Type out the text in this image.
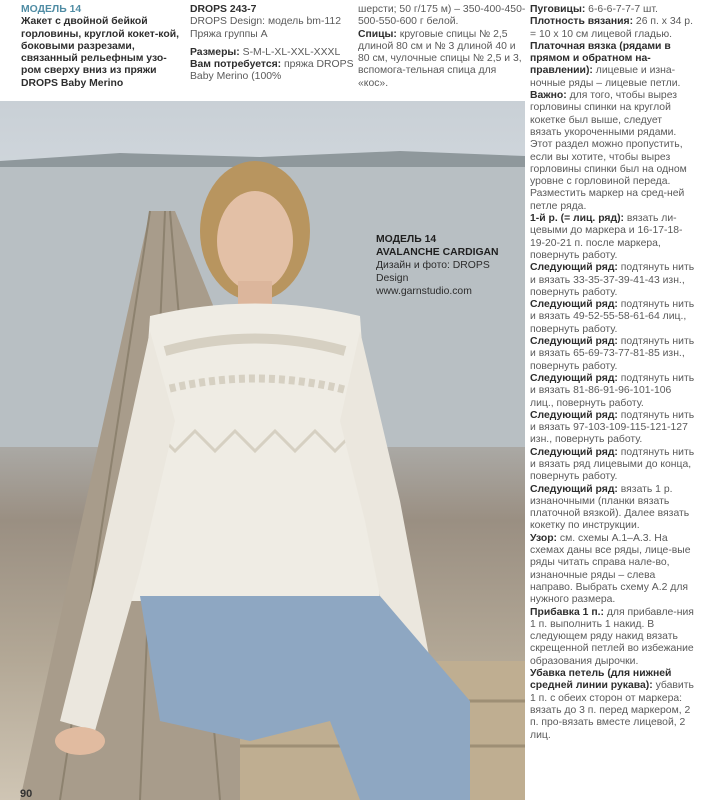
МОДЕЛЬ 14
Жакет с двойной бейкой горловины, круглой кокет-кой, боковыми разрезами, связанный рельефным узо-ром сверху вниз из пряжи DROPS Baby Merino
DROPS 243-7
DROPS Design: модель bm-112
Пряжа группы А
Размеры: S-M-L-XL-XXL-XXXL
Вам потребуется: пряжа DROPS Baby Merino (100%
шерсти; 50 г/175 м) – 350-400-450-500-550-600 г белой.
Спицы: круговые спицы № 2,5 длиной 80 см и № 3 длиной 40 и 80 см, чулочные спицы № 2,5 и 3, вспомога-тельная спица для «кос».
Пуговицы: 6-6-6-7-7-7 шт.
Плотность вязания: 26 п. х 34 р. = 10 х 10 см лицевой гладью.
Платочная вязка (рядами в прямом и обратном на-правлении): лицевые и изна-ночные ряды – лицевые петли.
Важно: для того, чтобы вырез горловины спинки на круглой кокетке был выше, следует вязать укороченными рядами. Этот раздел можно пропустить, если вы хотите, чтобы вырез горловины спинки был на одном уровне с горловиной переда. Разместить маркер на сред-ней петле ряда.
1-й р. (= лиц. ряд): вязать ли-цевыми до маркера и 16-17-18-19-20-21 п. после маркера, повернуть работу.
Следующий ряд: подтянуть нить и вязать 33-35-37-39-41-43 изн., повернуть работу.
Следующий ряд: подтянуть нить и вязать 49-52-55-58-61-64 лиц., повернуть работу.
Следующий ряд: подтянуть нить и вязать 65-69-73-77-81-85 изн., повернуть работу.
Следующий ряд: подтянуть нить и вязать 81-86-91-96-101-106 лиц., повернуть работу.
Следующий ряд: подтянуть нить и вязать 97-103-109-115-121-127 изн., повернуть работу.
Следующий ряд: подтянуть нить и вязать ряд лицевыми до конца, повернуть работу.
Следующий ряд: вязать 1 р. изнаночными (планки вязать платочной вязкой). Далее вязать кокетку по инструкции.
Узор: см. схемы А.1–А.3. На схемах даны все ряды, лице-вые ряды читать справа нале-во, изнаночные ряды – слева направо. Выбрать схему А.2 для нужного размера.
Прибавка 1 п.: для прибавле-ния 1 п. выполнить 1 накид. В следующем ряду накид вязать скрещенной петлей во избежание образования дырочки.
Убавка петель (для нижней средней линии рукава): убавить 1 п. с обеих сторон от маркера: вязать до 3 п. перед маркером, 2 п. про-вязать вместе лицевой, 2 лиц.
МОДЕЛЬ 14
AVALANCHE CARDIGAN
Дизайн и фото: DROPS Design
www.garnstudio.com
90
